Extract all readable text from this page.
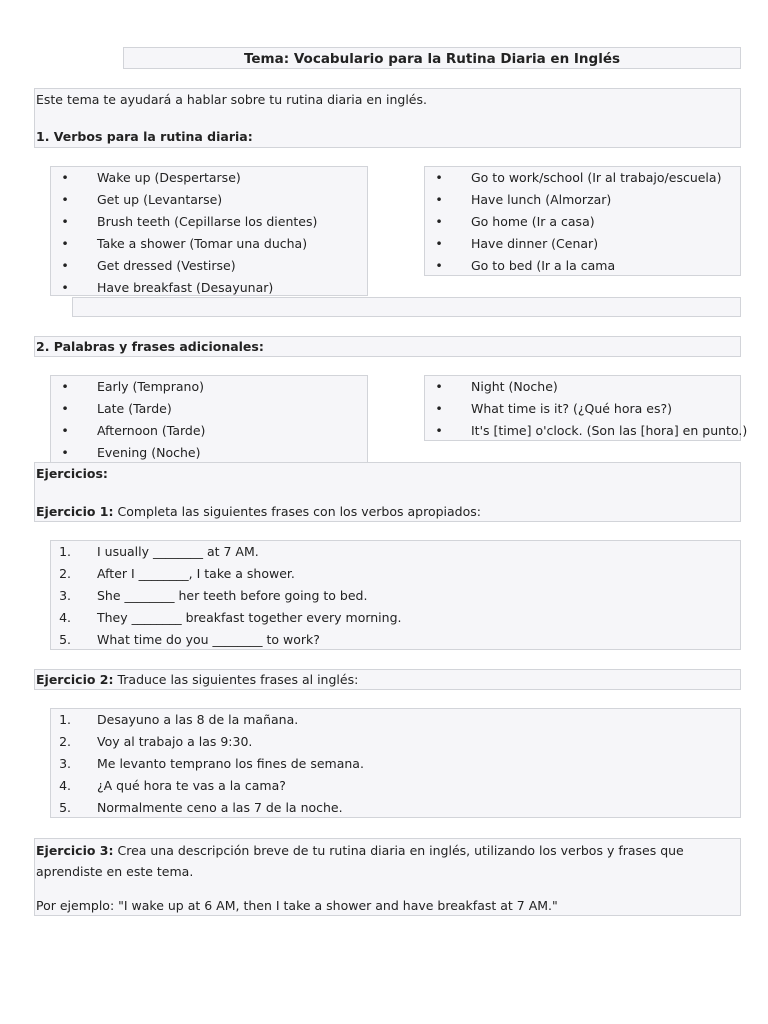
Tema: Vocabulario para la Rutina Diaria en Inglés
Este tema te ayudará a hablar sobre tu rutina diaria en inglés.
1. Verbos para la rutina diaria:
• Wake up (Despertarse)
• Get up (Levantarse)
• Brush teeth (Cepillarse los dientes)
• Take a shower (Tomar una ducha)
• Get dressed (Vestirse)
• Have breakfast (Desayunar)
• Go to work/school (Ir al trabajo/escuela)
• Have lunch (Almorzar)
• Go home (Ir a casa)
• Have dinner (Cenar)
• Go to bed (Ir a la cama
2. Palabras y frases adicionales:
• Early (Temprano)
• Late (Tarde)
• Afternoon (Tarde)
• Evening (Noche)
• Night (Noche)
• What time is it? (¿Qué hora es?)
• It's [time] o'clock. (Son las [hora] en punto.)
Ejercicios:
Ejercicio 1: Completa las siguientes frases con los verbos apropiados:
1. I usually ________ at 7 AM.
2. After I ________, I take a shower.
3. She ________ her teeth before going to bed.
4. They ________ breakfast together every morning.
5. What time do you ________ to work?
Ejercicio 2: Traduce las siguientes frases al inglés:
1. Desayuno a las 8 de la mañana.
2. Voy al trabajo a las 9:30.
3. Me levanto temprano los fines de semana.
4. ¿A qué hora te vas a la cama?
5. Normalmente ceno a las 7 de la noche.
Ejercicio 3: Crea una descripción breve de tu rutina diaria en inglés, utilizando los verbos y frases que aprendiste en este tema.
Por ejemplo: "I wake up at 6 AM, then I take a shower and have breakfast at 7 AM."
